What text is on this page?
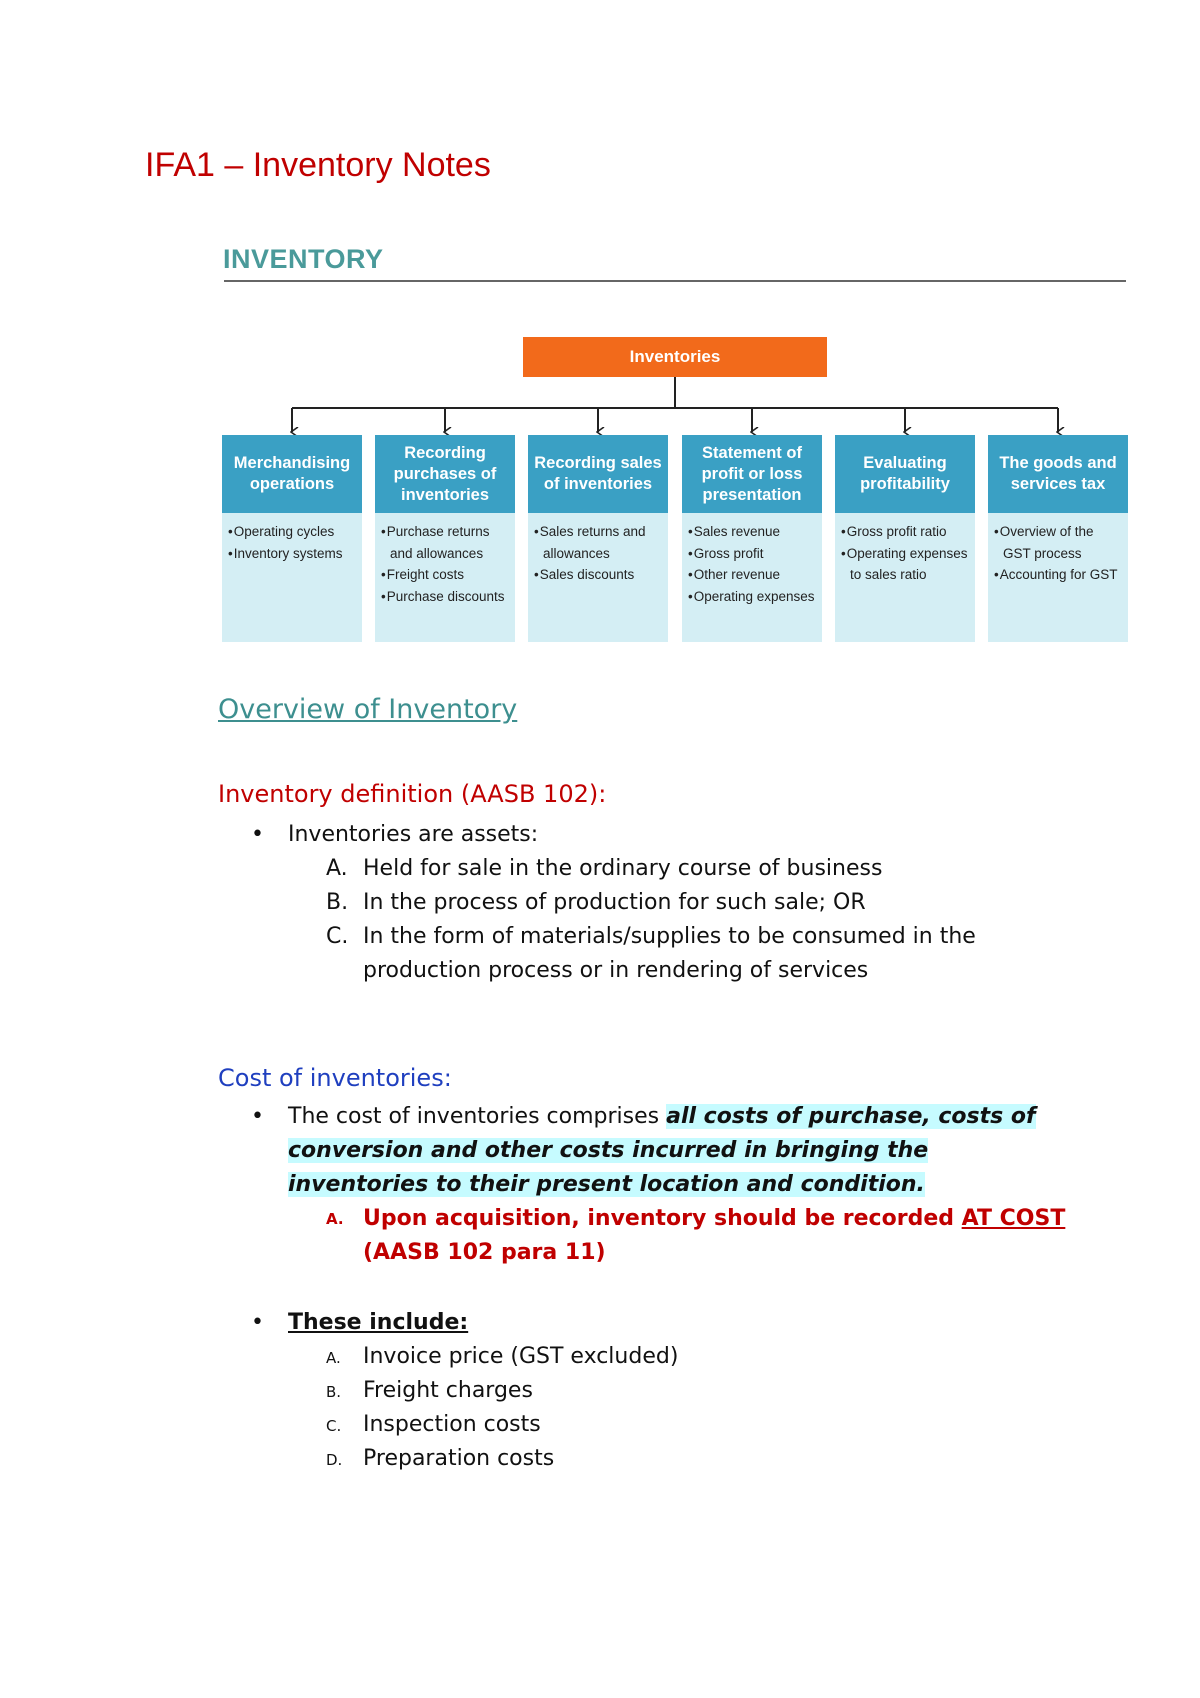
IFA1 – Inventory Notes
INVENTORY
Inventories
Merchandising operations
• Operating cycles
• Inventory systems
Recording purchases of inventories
• Purchase returns and allowances
• Freight costs
• Purchase discounts
Recording sales of inventories
• Sales returns and allowances
• Sales discounts
Statement of profit or loss presentation
• Sales revenue
• Gross profit
• Other revenue
• Operating expenses
Evaluating profitability
• Gross profit ratio
• Operating expenses to sales ratio
The goods and services tax
• Overview of the GST process
• Accounting for GST
Overview of Inventory
Inventory definition (AASB 102):
• Inventories are assets:
A. Held for sale in the ordinary course of business
B. In the process of production for such sale; OR
C. In the form of materials/supplies to be consumed in the production process or in rendering of services
Cost of inventories:
•	The cost of inventories comprises all costs of purchase, costs of conversion and other costs incurred in bringing the inventories to their present location and condition.
A. Upon acquisition, inventory should be recorded AT COST
(AASB 102 para 11)
• These include:
A. Invoice price (GST excluded)
B. Freight charges
C. Inspection costs
D. Preparation costs
